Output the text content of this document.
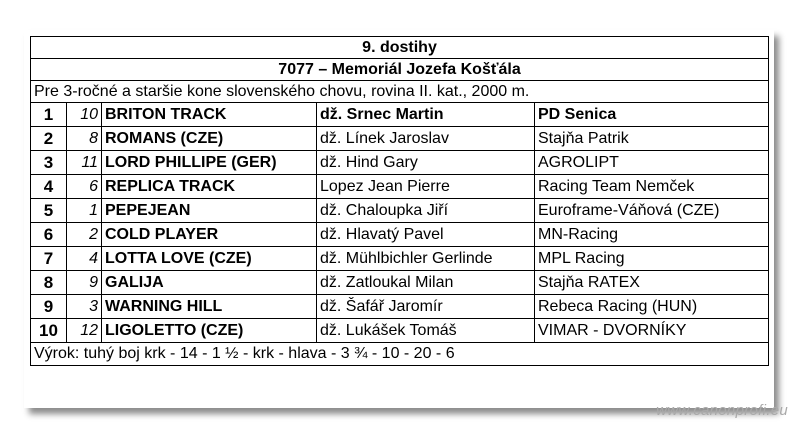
9. dostihy				
7077 – Memoriál Jozefa Košťála				
Pre 3-ročné a staršie kone slovenského chovu, rovina II. kat., 2000 m.				
1	10	BRITON TRACK	dž. Srnec Martin	PD Senica
2	8	ROMANS (CZE)	dž. Línek Jaroslav	Stajňa Patrik
3	11	LORD PHILLIPE (GER)	dž. Hind Gary	AGROLIPT
4	6	REPLICA TRACK	Lopez Jean Pierre	Racing Team Nemček
5	1	PEPEJEAN	dž. Chaloupka Jiří	Euroframe-Váňová (CZE)
6	2	COLD PLAYER	dž. Hlavatý Pavel	MN-Racing
7	4	LOTTA LOVE (CZE)	dž. Mühlbichler Gerlinde	MPL Racing
8	9	GALIJA	dž. Zatloukal Milan	Stajňa RATEX
9	3	WARNING HILL	dž. Šafář Jaromír	Rebeca Racing (HUN)
10	12	LIGOLETTO (CZE)	dž. Lukášek Tomáš	VIMAR - DVORNÍKY
Výrok: tuhý boj krk - 14 - 1 ½ - krk - hlava - 3 ¾ - 10 - 20 - 6				
www.canonprofi.eu
